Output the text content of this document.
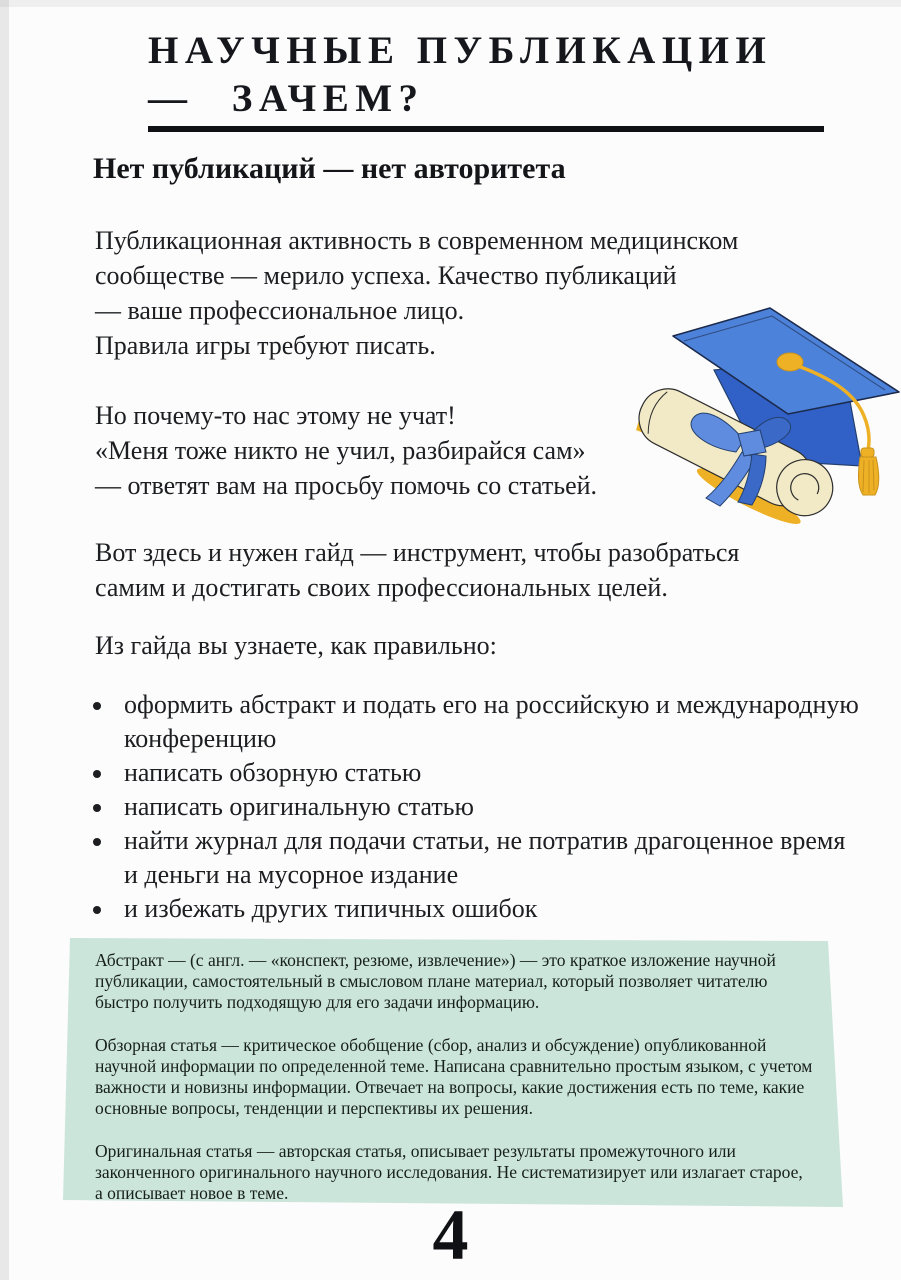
НАУЧНЫЕ ПУБЛИКАЦИИ
— ЗАЧЕМ?
Нет публикаций — нет авторитета
Публикационная активность в современном медицинском
сообществе — мерило успеха. Качество публикаций
— ваше профессиональное лицо.
Правила игры требуют писать.
Но почему-то нас этому не учат!
«Меня тоже никто не учил, разбирайся сам»
— ответят вам на просьбу помочь со статьей.
Вот здесь и нужен гайд — инструмент, чтобы разобраться
самим и достигать своих профессиональных целей.
Из гайда вы узнаете, как правильно:
• оформить абстракт и подать его на российскую и международную конференцию
• написать обзорную статью
• написать оригинальную статью
• найти журнал для подачи статьи, не потратив драгоценное время и деньги на мусорное издание
• и избежать других типичных ошибок
Абстракт — (с англ. — «конспект, резюме, извлечение») — это краткое изложение научной
публикации, самостоятельный в смысловом плане материал, который позволяет читателю
быстро получить подходящую для его задачи информацию.
Обзорная статья — критическое обобщение (сбор, анализ и обсуждение) опубликованной
научной информации по определенной теме. Написана сравнительно простым языком, с учетом
важности и новизны информации. Отвечает на вопросы, какие достижения есть по теме, какие
основные вопросы, тенденции и перспективы их решения.
Оригинальная статья — авторская статья, описывает результаты промежуточного или
законченного оригинального научного исследования. Не систематизирует или излагает старое,
а описывает новое в теме.
4
